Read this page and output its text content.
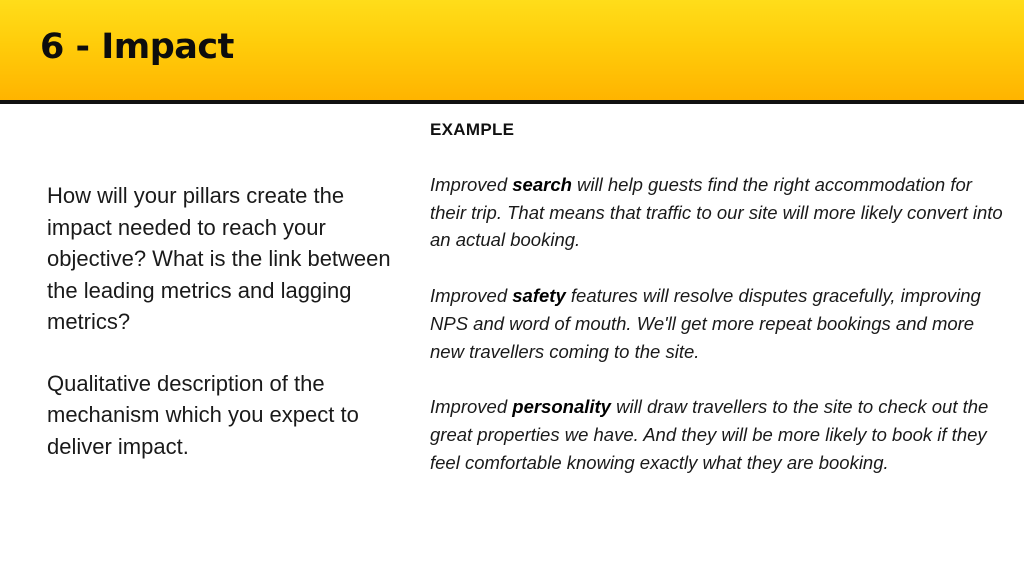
6 - Impact

How will your pillars create the impact needed to reach your objective? What is the link between the leading metrics and lagging metrics?

Qualitative description of the mechanism which you expect to deliver impact.

EXAMPLE

Improved search will help guests find the right accommodation for their trip. That means that traffic to our site will more likely convert into an actual booking.

Improved safety features will resolve disputes gracefully, improving NPS and word of mouth. We'll get more repeat bookings and more new travellers coming to the site.

Improved personality will draw travellers to the site to check out the great properties we have. And they will be more likely to book if they feel comfortable knowing exactly what they are booking.
